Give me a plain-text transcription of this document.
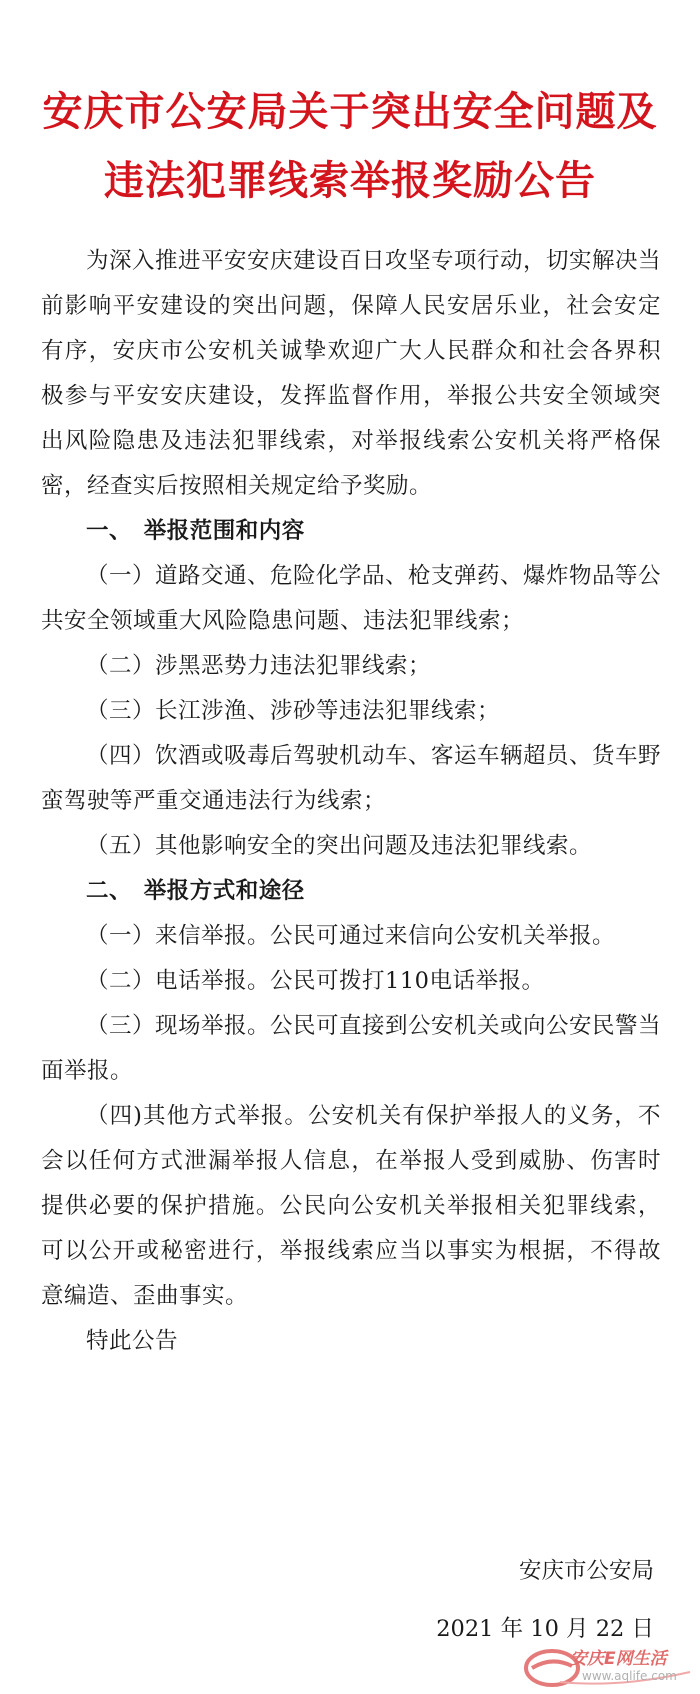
安庆市公安局关于突出安全问题及
违法犯罪线索举报奖励公告

为深入推进平安安庆建设百日攻坚专项行动，切实解决当前影响平安建设的突出问题，保障人民安居乐业，社会安定有序，安庆市公安机关诚挚欢迎广大人民群众和社会各界积极参与平安安庆建设，发挥监督作用，举报公共安全领域突出风险隐患及违法犯罪线索，对举报线索公安机关将严格保密，经查实后按照相关规定给予奖励。

一、　举报范围和内容

（一）道路交通、危险化学品、枪支弹药、爆炸物品等公共安全领域重大风险隐患问题、违法犯罪线索；

（二）涉黑恶势力违法犯罪线索；

（三）长江涉渔、涉砂等违法犯罪线索；

（四）饮酒或吸毒后驾驶机动车、客运车辆超员、货车野蛮驾驶等严重交通违法行为线索；

（五）其他影响安全的突出问题及违法犯罪线索。

二、　举报方式和途径

（一）来信举报。公民可通过来信向公安机关举报。

（二）电话举报。公民可拨打110电话举报。

（三）现场举报。公民可直接到公安机关或向公安民警当面举报。

（四)其他方式举报。公安机关有保护举报人的义务，不会以任何方式泄漏举报人信息，在举报人受到威胁、伤害时提供必要的保护措施。公民向公安机关举报相关犯罪线索，可以公开或秘密进行，举报线索应当以事实为根据，不得故意编造、歪曲事实。

特此公告

安庆市公安局
2021 年 10 月 22 日
安庆E网生活
www.aqlife.com
